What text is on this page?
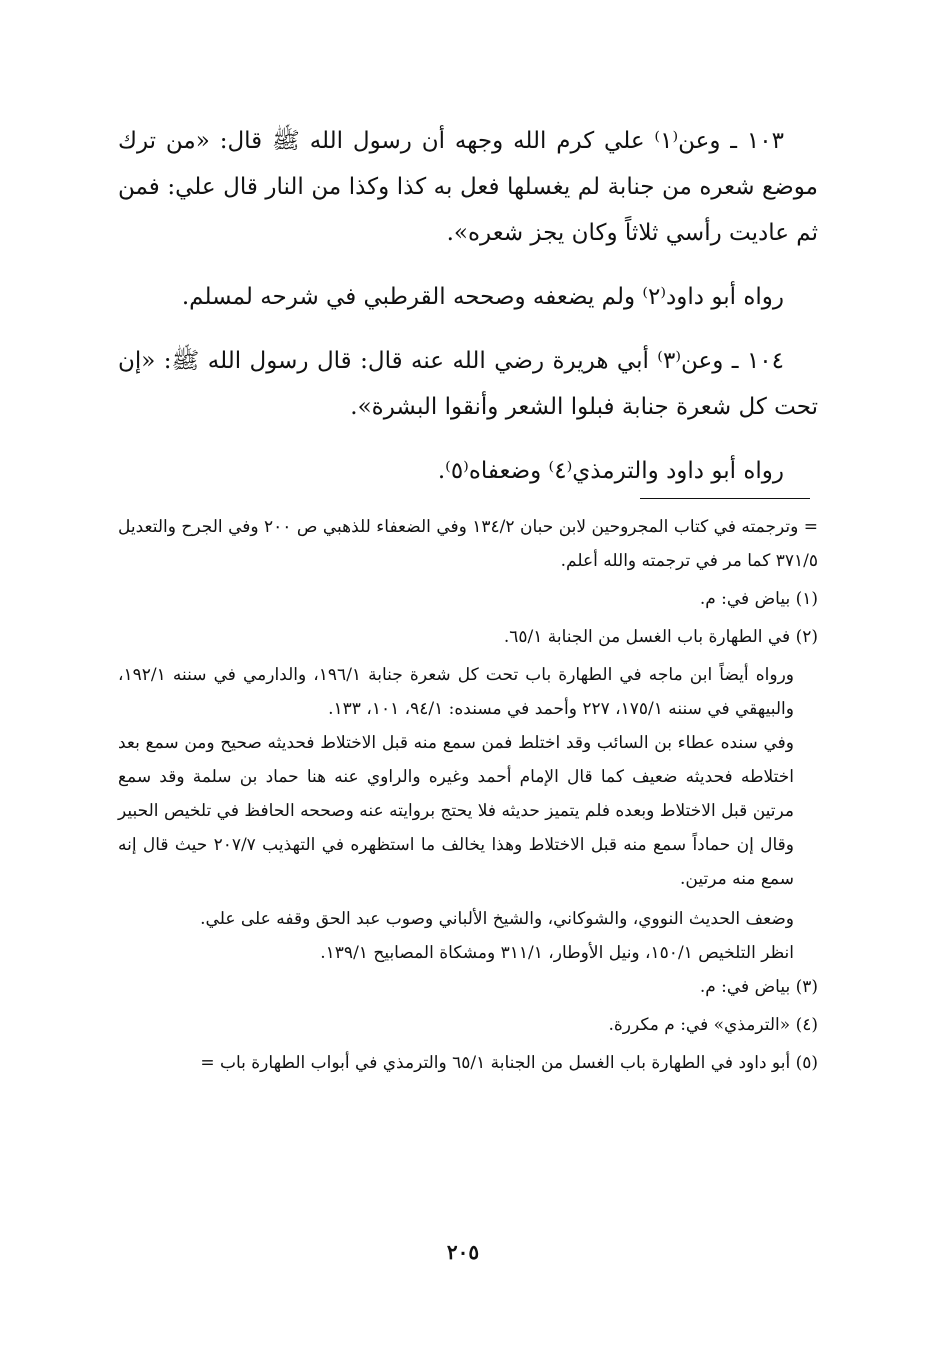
١٠٣ ـ وعن⁽١⁾ علي كرم الله وجهه أن رسول الله ﷺ قال: «من ترك موضع شعره من جنابة لم يغسلها فعل به كذا وكذا من النار قال علي: فمن ثم عاديت رأسي ثلاثاً وكان يجز شعره».

رواه أبو داود⁽٢⁾ ولم يضعفه وصححه القرطبي في شرحه لمسلم.

١٠٤ ـ وعن⁽٣⁾ أبي هريرة رضي الله عنه قال: قال رسول الله ﷺ: «إن تحت كل شعرة جنابة فبلوا الشعر وأنقوا البشرة».

رواه أبو داود والترمذي⁽٤⁾ وضعفاه⁽٥⁾.

= وترجمته في كتاب المجروحين لابن حبان ١٣٤/٢ وفي الضعفاء للذهبي ص ٢٠٠ وفي الجرح والتعديل ٣٧١/٥ كما مر في ترجمته والله أعلم.

(١) بياض في: م.

(٢) في الطهارة باب الغسل من الجنابة ٦٥/١.

ورواه أيضاً ابن ماجه في الطهارة باب تحت كل شعرة جنابة ١٩٦/١، والدارمي في سننه ١٩٢/١، والبيهقي في سننه ١٧٥/١، ٢٢٧ وأحمد في مسنده: ٩٤/١، ١٠١، ١٣٣.

وفي سنده عطاء بن السائب وقد اختلط فمن سمع منه قبل الاختلاط فحديثه صحيح ومن سمع بعد اختلاطه فحديثه ضعيف كما قال الإمام أحمد وغيره والراوي عنه هنا حماد بن سلمة وقد سمع مرتين قبل الاختلاط وبعده فلم يتميز حديثه فلا يحتج بروايته عنه وصححه الحافظ في تلخيص الحبير وقال إن حماداً سمع منه قبل الاختلاط وهذا يخالف ما استظهره في التهذيب ٢٠٧/٧ حيث قال إنه سمع منه مرتين.

وضعف الحديث النووي، والشوكاني، والشيخ الألباني وصوب عبد الحق وقفه على علي.

انظر التلخيص ١٥٠/١، ونيل الأوطار، ٣١١/١ ومشكاة المصابيح ١٣٩/١.

(٣) بياض في: م.

(٤) «الترمذي» في: م مكررة.

(٥) أبو داود في الطهارة باب الغسل من الجنابة ٦٥/١ والترمذي في أبواب الطهارة باب =

٢٠٥
